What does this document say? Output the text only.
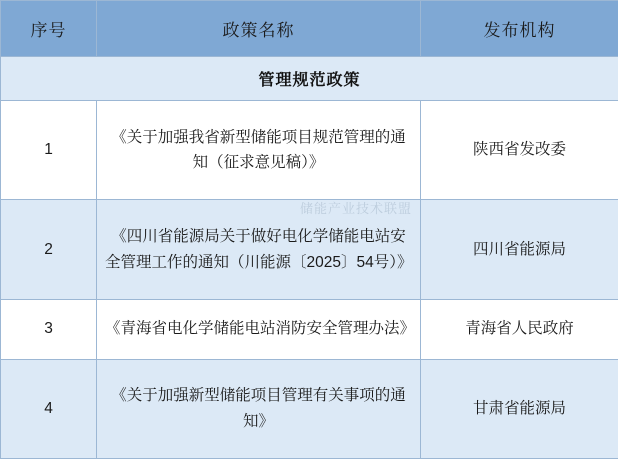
序号	政策名称	发布机构
管理规范政策		
1	《关于加强我省新型储能项目规范管理的通知（征求意见稿）》	陕西省发改委
2	《四川省能源局关于做好电化学储能电站安全管理工作的通知（川能源〔2025〕54号）》	四川省能源局
3	《青海省电化学储能电站消防安全管理办法》	青海省人民政府
4	《关于加强新型储能项目管理有关事项的通知》	甘肃省能源局
储能产业技术联盟
